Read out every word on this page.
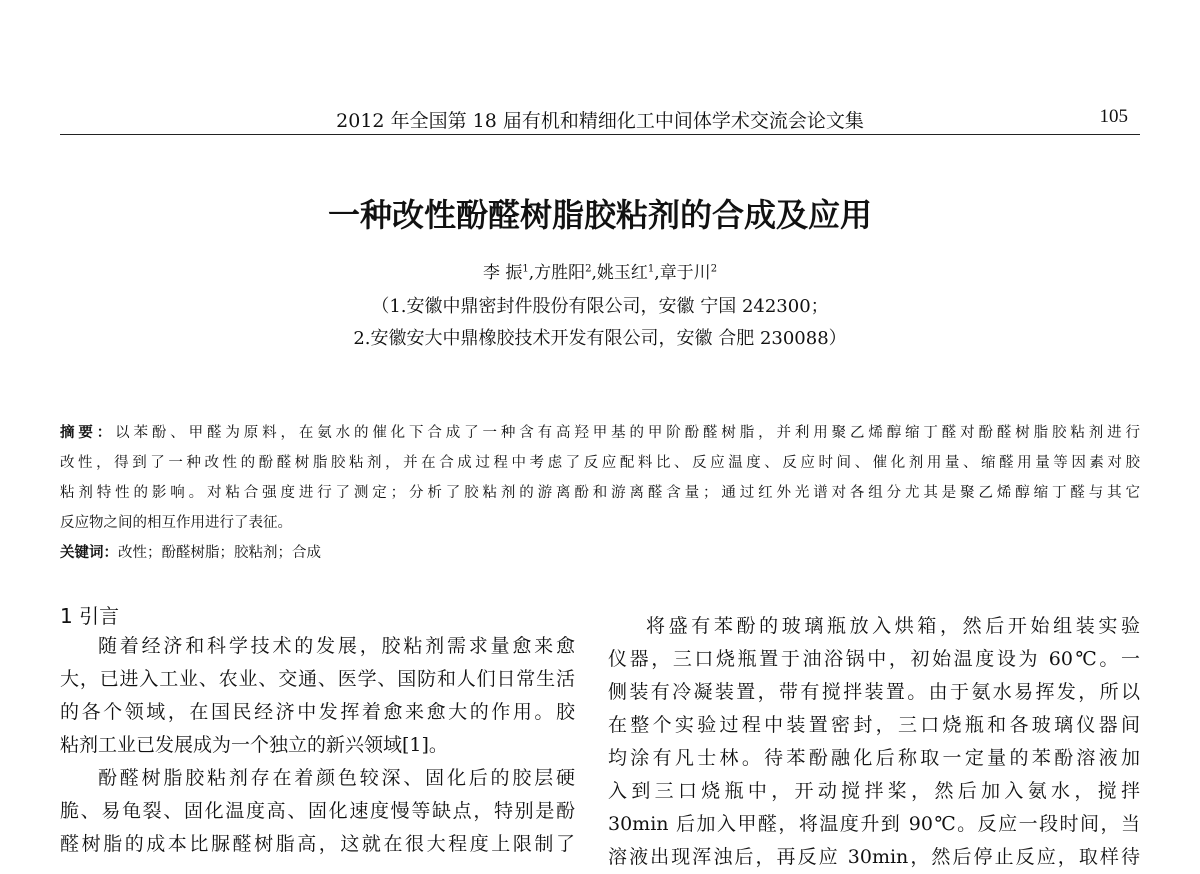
2012 年全国第 18 届有机和精细化工中间体学术交流会论文集	105
一种改性酚醛树脂胶粘剂的合成及应用
李 振$^1$,方胜阳$^2$,姚玉红$^1$,章于川$^2$
（1.安徽中鼎密封件股份有限公司，安徽 宁国 242300；
2.安徽安大中鼎橡胶技术开发有限公司，安徽 合肥 230088）
摘要：以苯酚、甲醛为原料，在氨水的催化下合成了一种含有高羟甲基的甲阶酚醛树脂，并利用聚乙烯醇缩丁醛对酚醛树脂胶粘剂进行
改性，得到了一种改性的酚醛树脂胶粘剂，并在合成过程中考虑了反应配料比、反应温度、反应时间、催化剂用量、缩醛用量等因素对胶
粘剂特性的影响。对粘合强度进行了测定；分析了胶粘剂的游离酚和游离醛含量；通过红外光谱对各组分尤其是聚乙烯醇缩丁醛与其它
反应物之间的相互作用进行了表征。
关键词：改性；酚醛树脂；胶粘剂；合成
1 引言
随着经济和科学技术的发展，胶粘剂需求量愈来愈
大，已进入工业、农业、交通、医学、国防和人们日常生活
的各个领域，在国民经济中发挥着愈来愈大的作用。胶
粘剂工业已发展成为一个独立的新兴领域[1]。
酚醛树脂胶粘剂存在着颜色较深、固化后的胶层硬
脆、易龟裂、固化温度高、固化速度慢等缺点，特别是酚
醛树脂的成本比脲醛树脂高，这就在很大程度上限制了
将盛有苯酚的玻璃瓶放入烘箱，然后开始组装实验
仪器，三口烧瓶置于油浴锅中，初始温度设为 60℃。一
侧装有冷凝装置，带有搅拌装置。由于氨水易挥发，所以
在整个实验过程中装置密封，三口烧瓶和各玻璃仪器间
均涂有凡士林。待苯酚融化后称取一定量的苯酚溶液加
入到三口烧瓶中，开动搅拌桨，然后加入氨水，搅拌
30min 后加入甲醛，将温度升到 90℃。反应一段时间，当
溶液出现浑浊后，再反应 30min，然后停止反应，取样待
